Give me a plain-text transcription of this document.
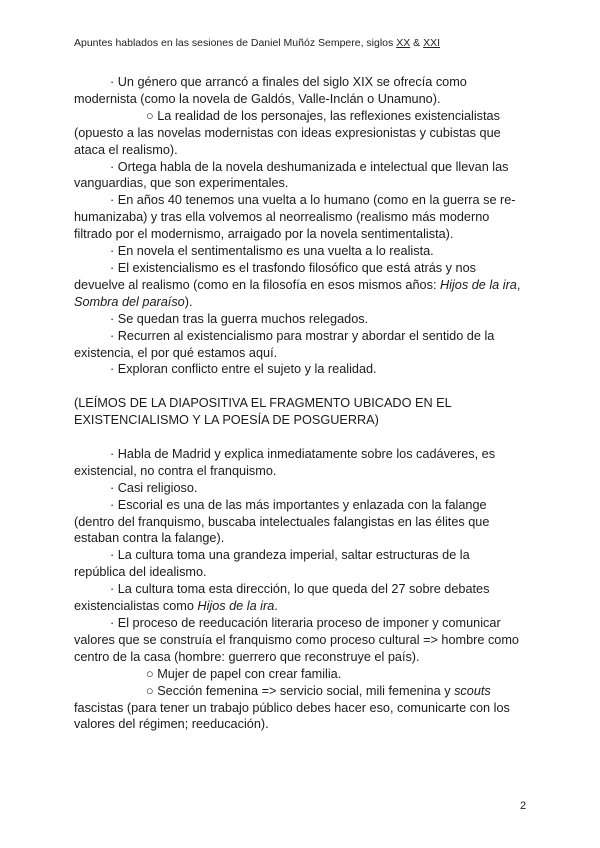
Apuntes hablados en las sesiones de Daniel Muñóz Sempere, siglos XX & XXI

· Un género que arrancó a finales del siglo XIX se ofrecía como modernista (como la novela de Galdós, Valle-Inclán o Unamuno).

○ La realidad de los personajes, las reflexiones existencialistas (opuesto a las novelas modernistas con ideas expresionistas y cubistas que ataca el realismo).

· Ortega habla de la novela deshumanizada e intelectual que llevan las vanguardias, que son experimentales.

· En años 40 tenemos una vuelta a lo humano (como en la guerra se re-humanizaba) y tras ella volvemos al neorrealismo (realismo más moderno filtrado por el modernismo, arraigado por la novela sentimentalista).

· En novela el sentimentalismo es una vuelta a lo realista.

· El existencialismo es el trasfondo filosófico que está atrás y nos devuelve al realismo (como en la filosofía en esos mismos años: Hijos de la ira, Sombra del paraíso).

· Se quedan tras la guerra muchos relegados.

· Recurren al existencialismo para mostrar y abordar el sentido de la existencia, el por qué estamos aquí.

· Exploran conflicto entre el sujeto y la realidad.

(LEÍMOS DE LA DIAPOSITIVA EL FRAGMENTO UBICADO EN EL EXISTENCIALISMO Y LA POESÍA DE POSGUERRA)

· Habla de Madrid y explica inmediatamente sobre los cadáveres, es existencial, no contra el franquismo.

· Casi religioso.

· Escorial es una de las más importantes y enlazada con la falange (dentro del franquismo, buscaba intelectuales falangistas en las élites que estaban contra la falange).

· La cultura toma una grandeza imperial, saltar estructuras de la república del idealismo.

· La cultura toma esta dirección, lo que queda del 27 sobre debates existencialistas como Hijos de la ira.

· El proceso de reeducación literaria proceso de imponer y comunicar valores que se construía el franquismo como proceso cultural => hombre como centro de la casa (hombre: guerrero que reconstruye el país).

○ Mujer de papel con crear familia.

○ Sección femenina => servicio social, mili femenina y scouts fascistas (para tener un trabajo público debes hacer eso, comunicarte con los valores del régimen; reeducación).

2
